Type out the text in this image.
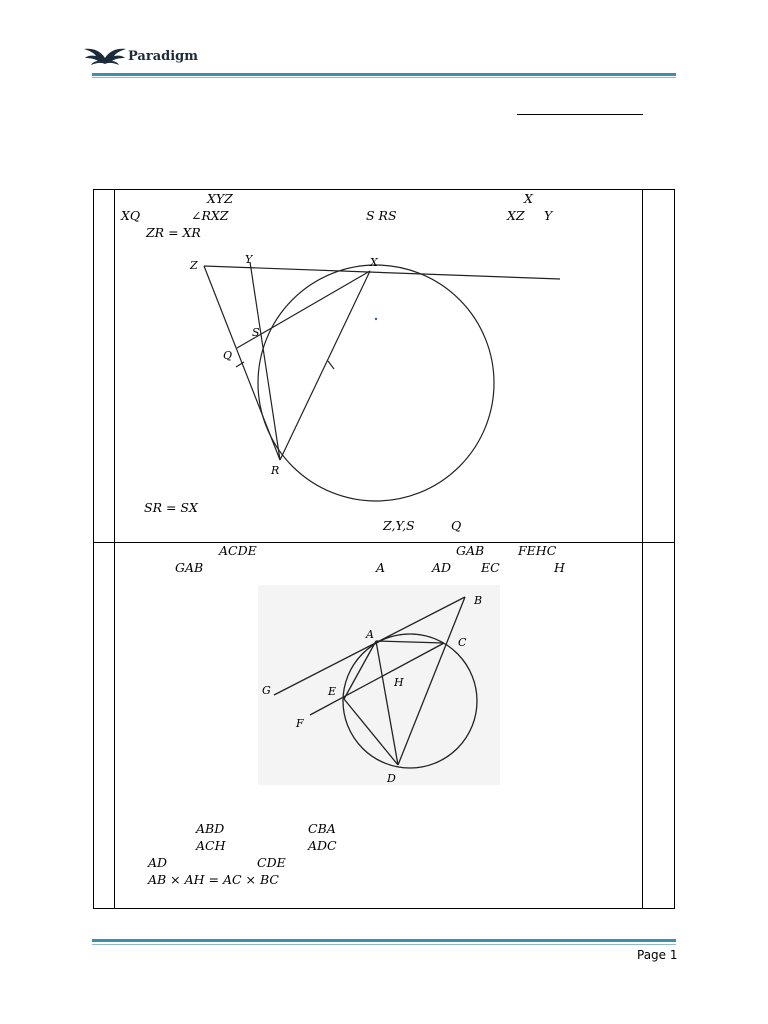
Paradigm
XYZ	X
XQ	∠RXZ	S RS	XZ Y
ZR = XR
Z	Y	X
S
Q
R
SR = SX
Z,Y,S	Q
ACDE	GAB	FEHC
GAB	A	AD EC	H
B
A
C
G	E
H
F
D
ABD	CBA
ACH	ADC
AD	CDE
AB × AH = AC × BC
Page 1
